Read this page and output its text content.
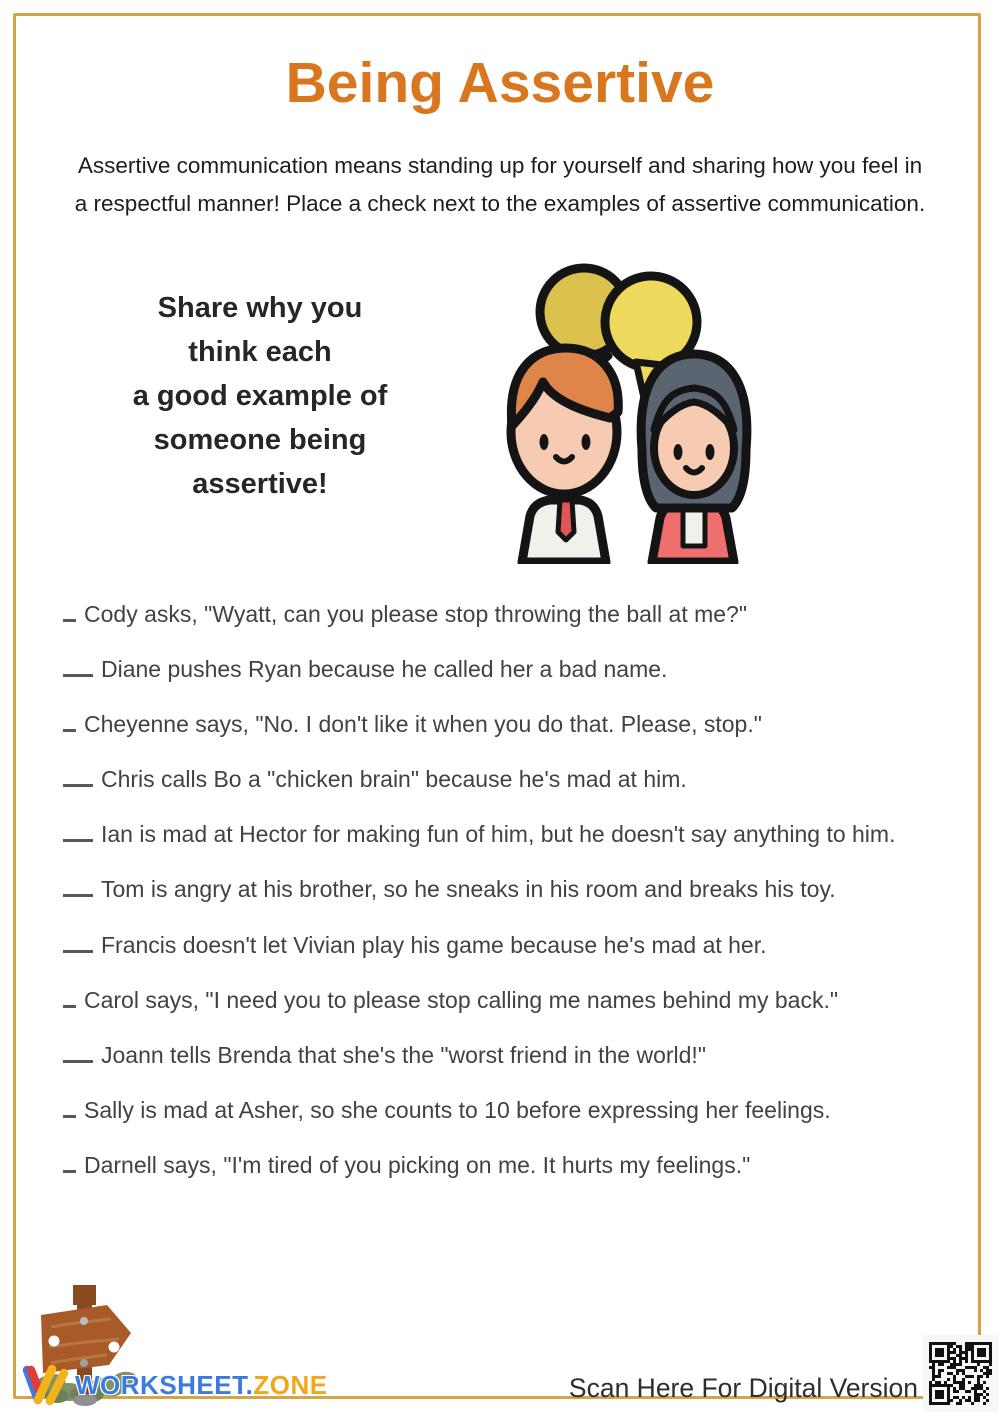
Being Assertive
Assertive communication means standing up for yourself and sharing how you feel in
a respectful manner! Place a check next to the examples of assertive communication.
Share why you
think each
a good example of
someone being
assertive!
Cody asks, "Wyatt, can you please stop throwing the ball at me?"
Diane pushes Ryan because he called her a bad name.
Cheyenne says, "No. I don't like it when you do that. Please, stop."
Chris calls Bo a "chicken brain" because he's mad at him.
Ian is mad at Hector for making fun of him, but he doesn't say anything to him.
Tom is angry at his brother, so he sneaks in his room and breaks his toy.
Francis doesn't let Vivian play his game because he's mad at her.
Carol says, "I need you to please stop calling me names behind my back."
Joann tells Brenda that she's the "worst friend in the world!"
Sally is mad at Asher, so she counts to 10 before expressing her feelings.
Darnell says, "I'm tired of you picking on me. It hurts my feelings."
WORKSHEET.ZONE	Scan Here For Digital Version
